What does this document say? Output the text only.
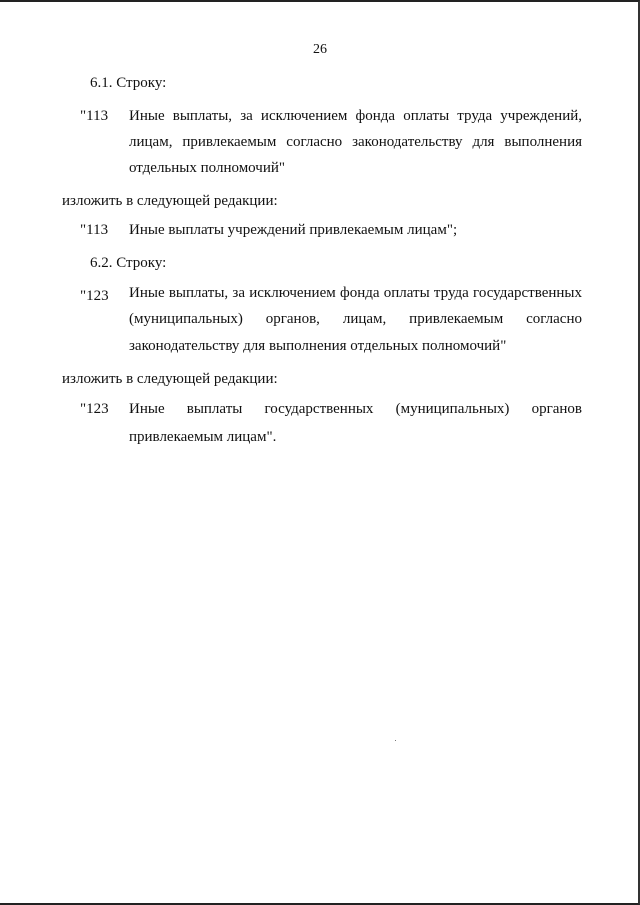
26
6.1. Строку:
"113 Иные выплаты, за исключением фонда оплаты труда учреждений,
лицам, привлекаемым согласно законодательству для выполнения
отдельных полномочий"
изложить в следующей редакции:
"113 Иные выплаты учреждений привлекаемым лицам";
6.2. Строку:
"123 Иные выплаты, за исключением фонда оплаты труда государственных
(муниципальных) органов, лицам, привлекаемым согласно
законодательству для выполнения отдельных полномочий"
изложить в следующей редакции:
"123 Иные выплаты государственных (муниципальных) органов
привлекаемым лицам".
